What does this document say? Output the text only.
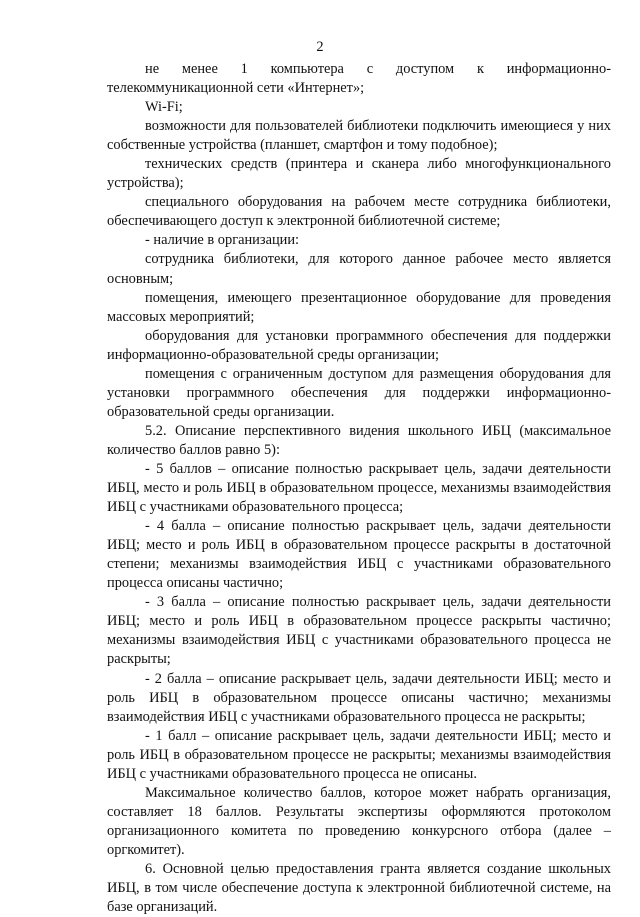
2

не менее 1 компьютера с доступом к информационно-телекоммуникационной сети «Интернет»;

Wi-Fi;

возможности для пользователей библиотеки подключить имеющиеся у них собственные устройства (планшет, смартфон и тому подобное);

технических средств (принтера и сканера либо многофункционального устройства);

специального оборудования на рабочем месте сотрудника библиотеки, обеспечивающего доступ к электронной библиотечной системе;

- наличие в организации:

сотрудника библиотеки, для которого данное рабочее место является основным;

помещения, имеющего презентационное оборудование для проведения массовых мероприятий;

оборудования для установки программного обеспечения для поддержки информационно-образовательной среды организации;

помещения с ограниченным доступом для размещения оборудования для установки программного обеспечения для поддержки информационно-образовательной среды организации.

5.2. Описание перспективного видения школьного ИБЦ (максимальное количество баллов равно 5):

- 5 баллов – описание полностью раскрывает цель, задачи деятельности ИБЦ, место и роль ИБЦ в образовательном процессе, механизмы взаимодействия ИБЦ с участниками образовательного процесса;

- 4 балла – описание полностью раскрывает цель, задачи деятельности ИБЦ; место и роль ИБЦ в образовательном процессе раскрыты в достаточной степени; механизмы взаимодействия ИБЦ с участниками образовательного процесса описаны частично;

- 3 балла – описание полностью раскрывает цель, задачи деятельности ИБЦ; место и роль ИБЦ в образовательном процессе раскрыты частично; механизмы взаимодействия ИБЦ с участниками образовательного процесса не раскрыты;

- 2 балла – описание раскрывает цель, задачи деятельности ИБЦ; место и роль ИБЦ в образовательном процессе описаны частично; механизмы взаимодействия ИБЦ с участниками образовательного процесса не раскрыты;

- 1 балл – описание раскрывает цель, задачи деятельности ИБЦ; место и роль ИБЦ в образовательном процессе не раскрыты; механизмы взаимодействия ИБЦ с участниками образовательного процесса не описаны.

Максимальное количество баллов, которое может набрать организация, составляет 18 баллов. Результаты экспертизы оформляются протоколом организационного комитета по проведению конкурсного отбора (далее – оргкомитет).

6. Основной целью предоставления гранта является создание школьных ИБЦ, в том числе обеспечение доступа к электронной библиотечной системе, на базе организаций.
